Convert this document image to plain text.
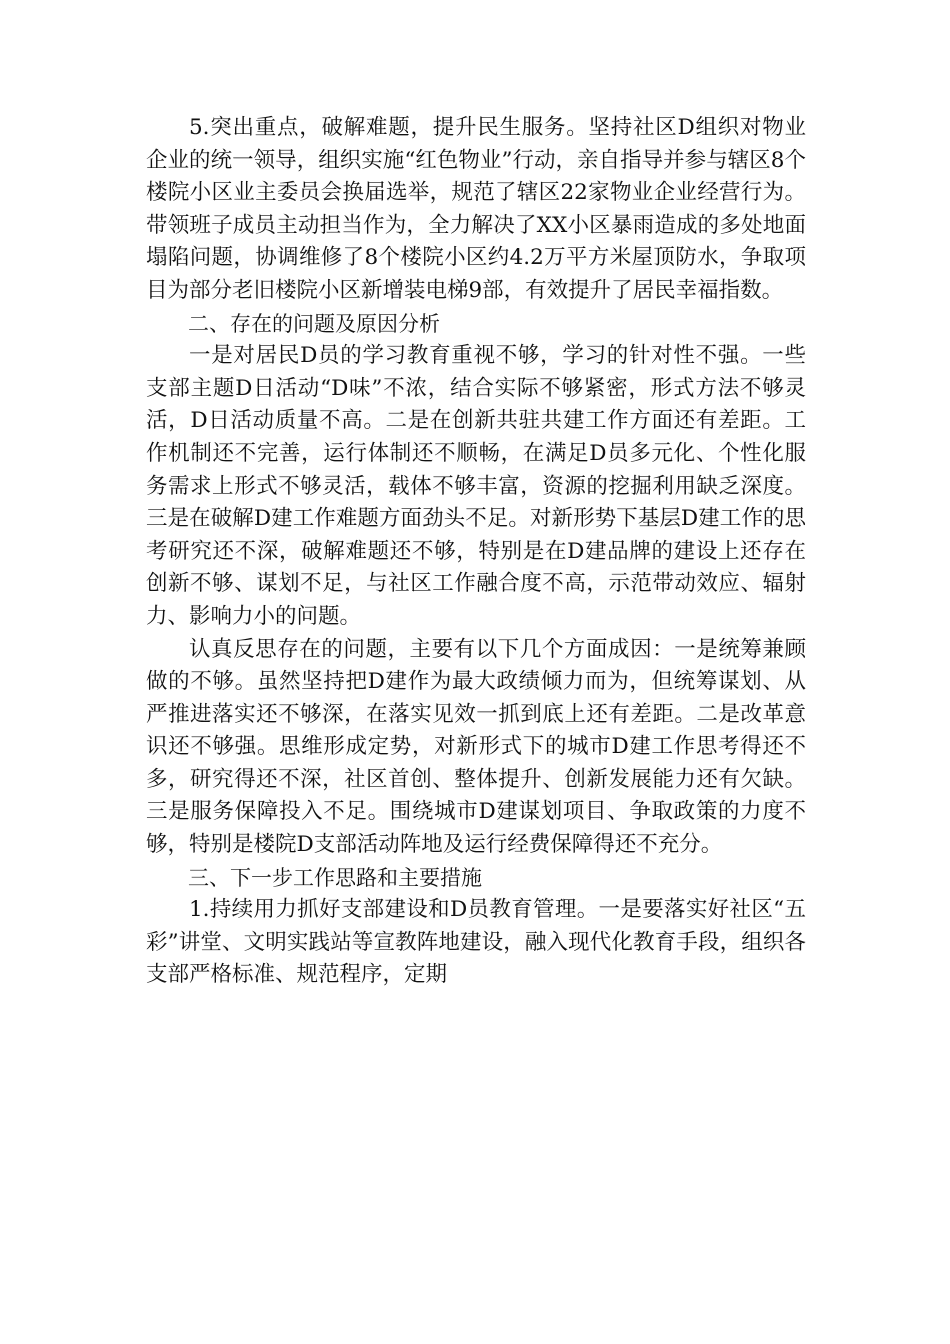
5.突出重点，破解难题，提升民生服务。坚持社区D组织对物业企业的统一领导，组织实施“红色物业”行动，亲自指导并参与辖区8个楼院小区业主委员会换届选举，规范了辖区22家物业企业经营行为。带领班子成员主动担当作为，全力解决了XX小区暴雨造成的多处地面塌陷问题，协调维修了8个楼院小区约4.2万平方米屋顶防水，争取项目为部分老旧楼院小区新增装电梯9部，有效提升了居民幸福指数。

二、存在的问题及原因分析

一是对居民D员的学习教育重视不够，学习的针对性不强。一些支部主题D日活动“D味”不浓，结合实际不够紧密，形式方法不够灵活，D日活动质量不高。二是在创新共驻共建工作方面还有差距。工作机制还不完善，运行体制还不顺畅，在满足D员多元化、个性化服务需求上形式不够灵活，载体不够丰富，资源的挖掘利用缺乏深度。三是在破解D建工作难题方面劲头不足。对新形势下基层D建工作的思考研究还不深，破解难题还不够，特别是在D建品牌的建设上还存在创新不够、谋划不足，与社区工作融合度不高，示范带动效应、辐射力、影响力小的问题。

认真反思存在的问题，主要有以下几个方面成因：一是统筹兼顾做的不够。虽然坚持把D建作为最大政绩倾力而为，但统筹谋划、从严推进落实还不够深，在落实见效一抓到底上还有差距。二是改革意识还不够强。思维形成定势，对新形式下的城市D建工作思考得还不多，研究得还不深，社区首创、整体提升、创新发展能力还有欠缺。三是服务保障投入不足。围绕城市D建谋划项目、争取政策的力度不够，特别是楼院D支部活动阵地及运行经费保障得还不充分。

三、下一步工作思路和主要措施

1.持续用力抓好支部建设和D员教育管理。一是要落实好社区“五彩”讲堂、文明实践站等宣教阵地建设，融入现代化教育手段，组织各支部严格标准、规范程序，定期
